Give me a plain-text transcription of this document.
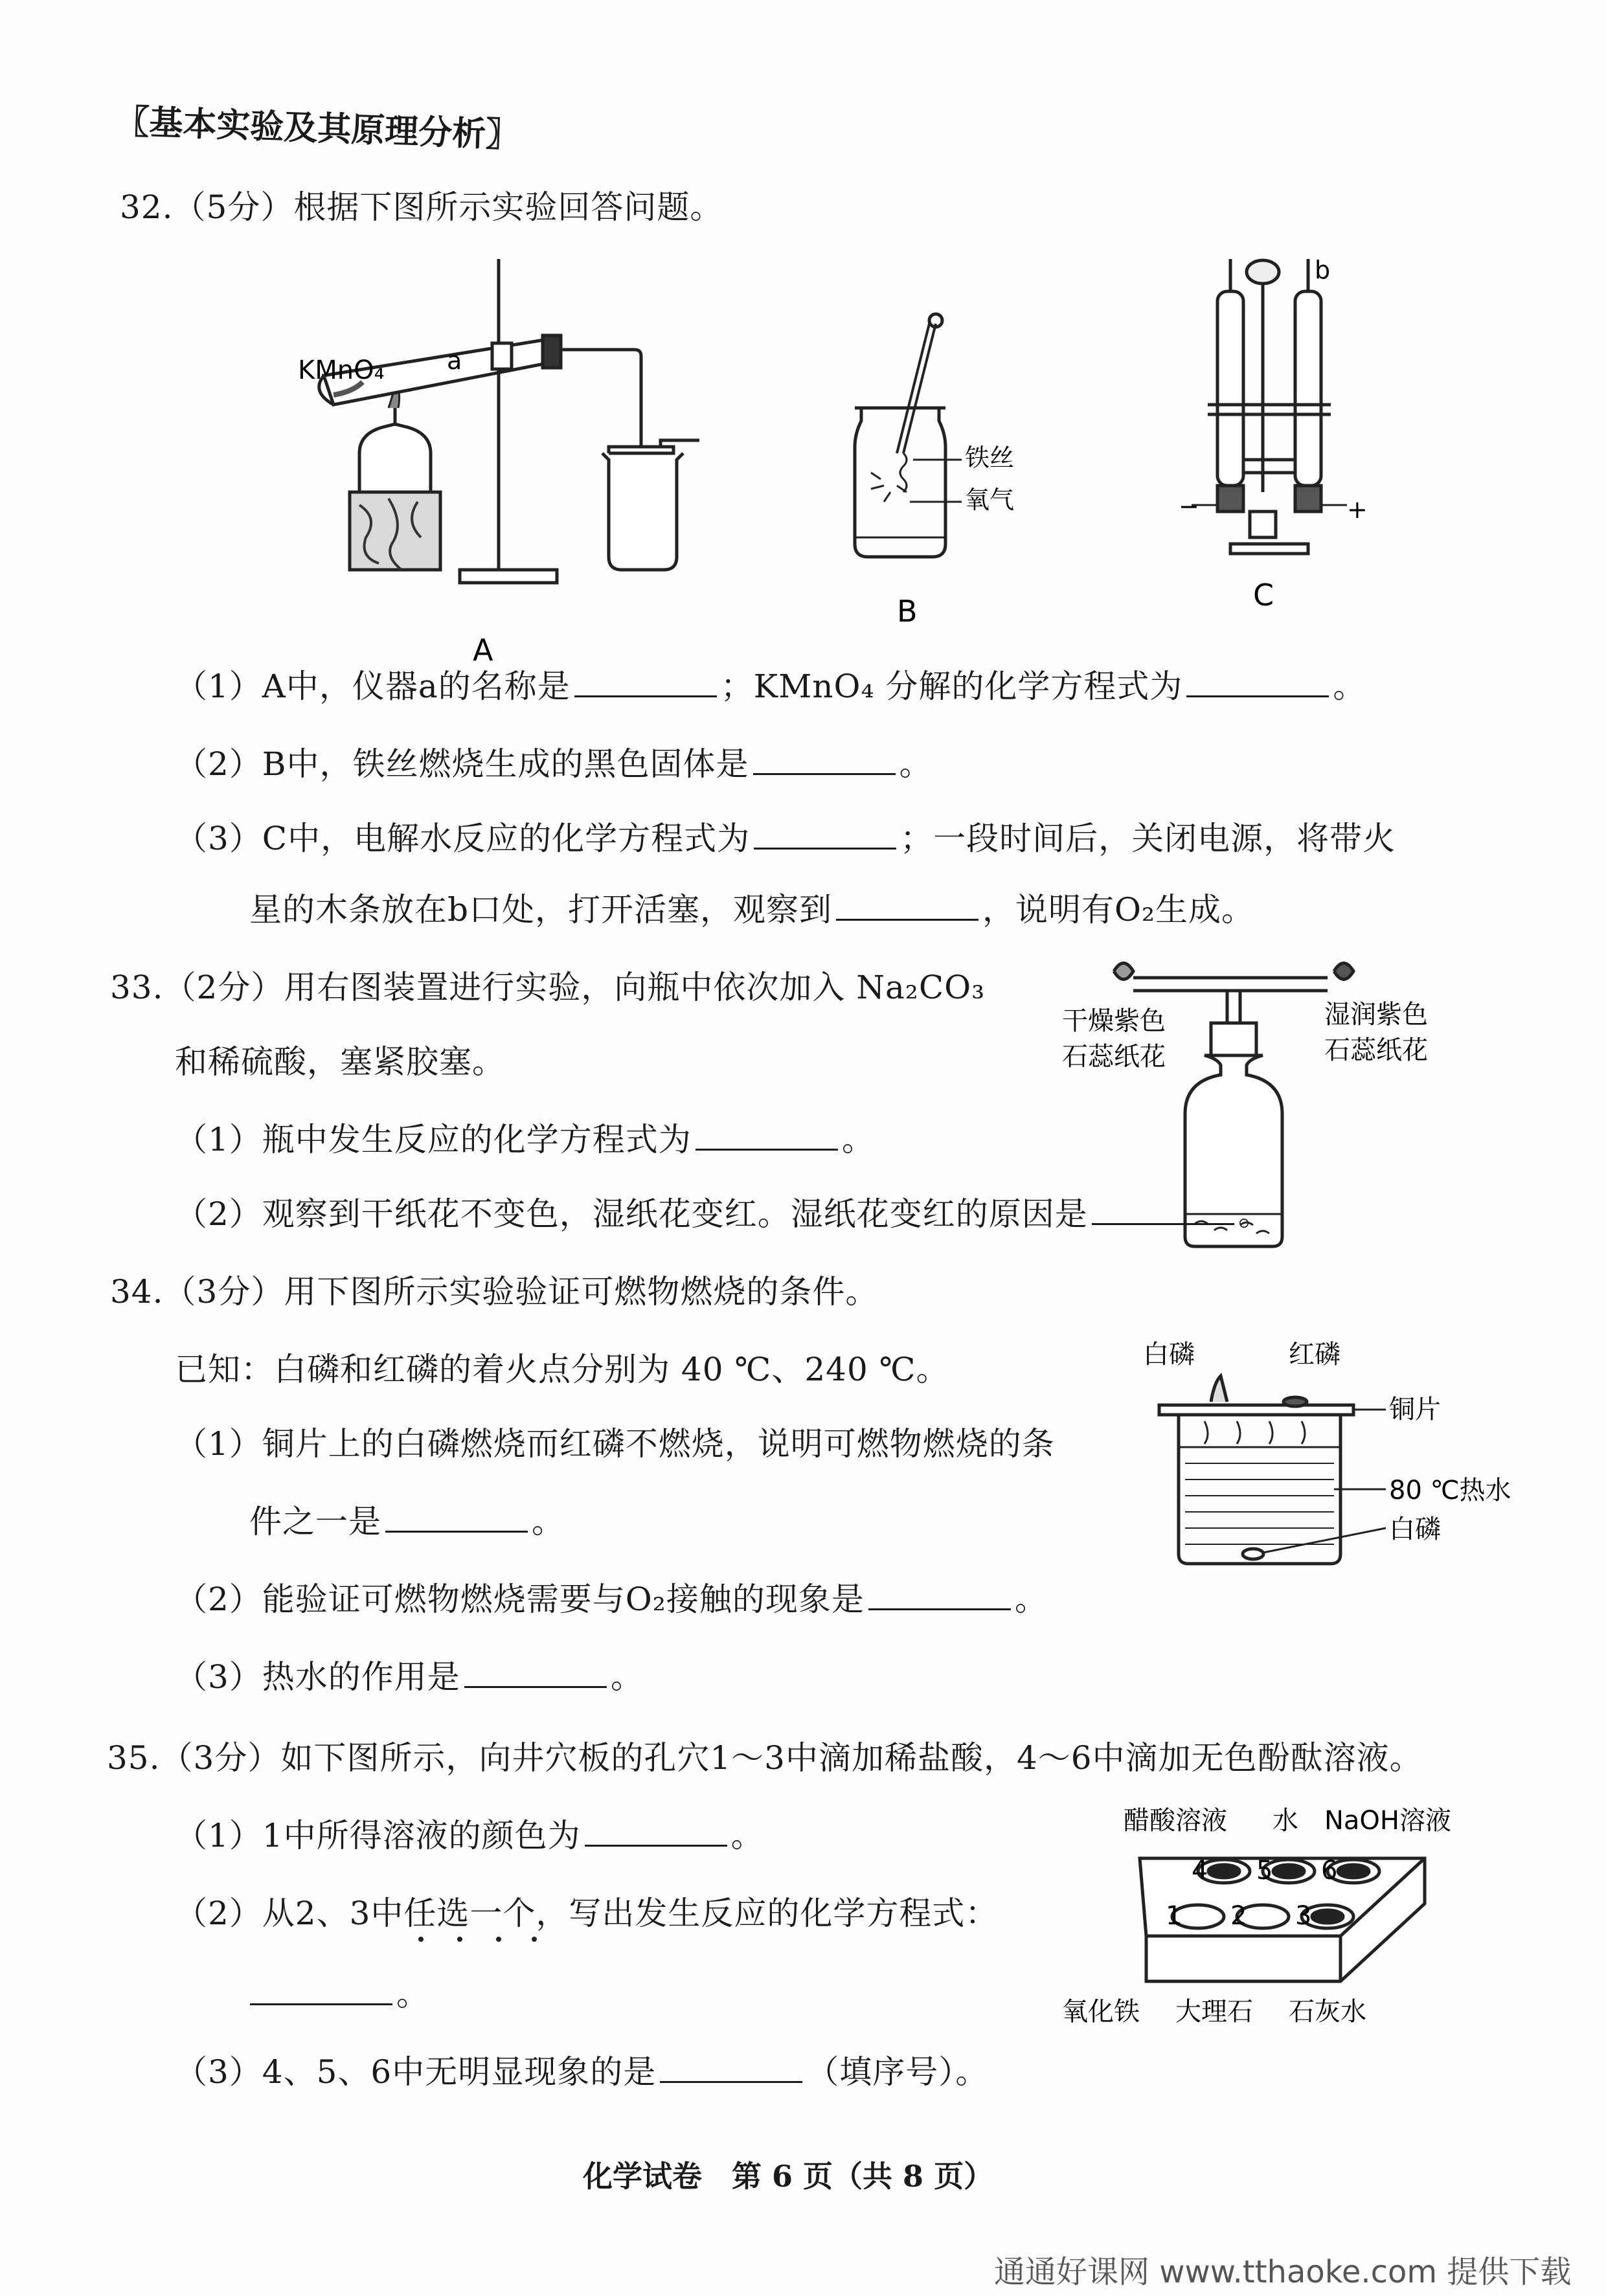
〖基本实验及其原理分析〗
32.（5分）根据下图所示实验回答问题。
KMnO₄	a
A
铁丝
氧气
B
b
−	+
C
（1）A中，仪器a的名称是	；KMnO₄ 分解的化学方程式为	。
（2）B中，铁丝燃烧生成的黑色固体是	。
（3）C中，电解水反应的化学方程式为	；一段时间后，关闭电源，将带火
星的木条放在b口处，打开活塞，观察到	，说明有O₂生成。
33.（2分）用右图装置进行实验，向瓶中依次加入 Na₂CO₃
和稀硫酸，塞紧胶塞。
干燥紫色
石蕊纸花
湿润紫色
石蕊纸花
（1）瓶中发生反应的化学方程式为	。
（2）观察到干纸花不变色，湿纸花变红。湿纸花变红的原因是	。
34.（3分）用下图所示实验验证可燃物燃烧的条件。
已知：白磷和红磷的着火点分别为 40 ℃、240 ℃。	白磷	红磷
铜片
80 ℃热水
白磷
（1）铜片上的白磷燃烧而红磷不燃烧，说明可燃物燃烧的条
件之一是	。
（2）能验证可燃物燃烧需要与O₂接触的现象是	。
（3）热水的作用是	。
35.（3分）如下图所示，向井穴板的孔穴1～3中滴加稀盐酸，4～6中滴加无色酚酞溶液。
醋酸溶液 水 NaOH溶液
4 5 6
1 2 3
氧化铁 大理石 石灰水
（1）1中所得溶液的颜色为	。
（2）从2、3中任选一个，写出发生反应的化学方程式：
。
（3）4、5、6中无明显现象的是	（填序号）。
化学试卷　第 6 页（共 8 页）
通通好课网 www.tthaoke.com 提供下载
